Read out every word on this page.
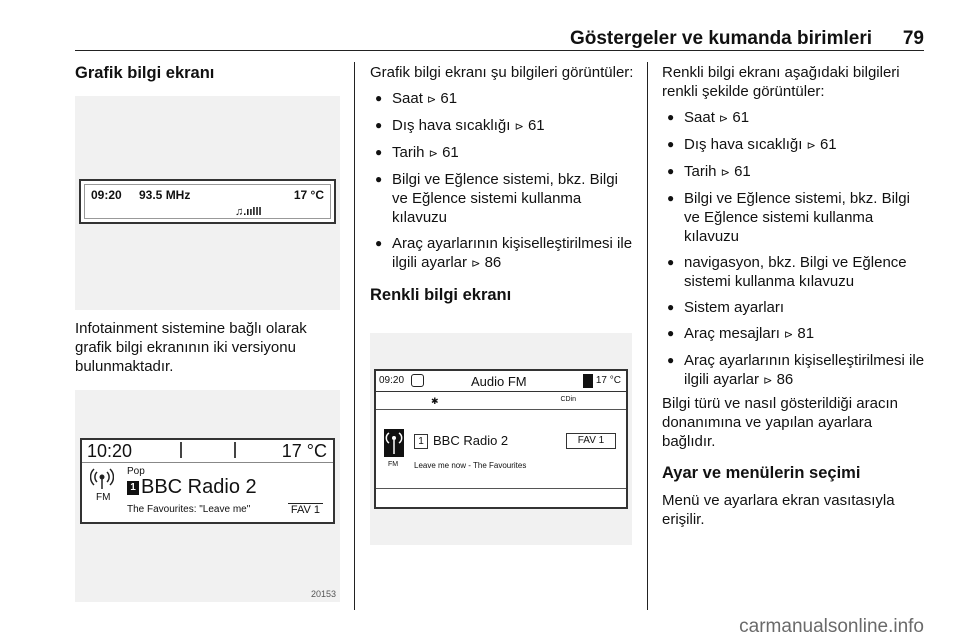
Göstergeler ve kumanda birimleri 79
Grafik bilgi ekranı

Infotainment sistemine bağlı olarak grafik bilgi ekranının iki versiyonu bulunmaktadır.

09:20 93.5 MHz	17 °C
♫.ıılll
10:20	17 °C
FM
Pop
1 BBC Radio 2
The Favourites: "Leave me"	FAV 1
20153

Grafik bilgi ekranı şu bilgileri görüntüler:

● Saat ⊳ 61
● Dış hava sıcaklığı ⊳ 61
● Tarih ⊳ 61
● Bilgi ve Eğlence sistemi, bkz. Bilgi ve Eğlence sistemi kullanma kılavuzu
● Araç ayarlarının kişiselleştirilmesi ile ilgili ayarlar ⊳ 86
Renkli bilgi ekranı
09:20	Audio FM	17 °C
✱	CDin
FM
1 BBC Radio 2	FAV 1
Leave me now - The Favourites

Renkli bilgi ekranı aşağıdaki bilgileri renkli şekilde görüntüler:

● Saat ⊳ 61
● Dış hava sıcaklığı ⊳ 61
● Tarih ⊳ 61
● Bilgi ve Eğlence sistemi, bkz. Bilgi ve Eğlence sistemi kullanma kılavuzu
● navigasyon, bkz. Bilgi ve Eğlence sistemi kullanma kılavuzu
● Sistem ayarları
● Araç mesajları ⊳ 81
● Araç ayarlarının kişiselleştirilmesi ile ilgili ayarlar ⊳ 86

Bilgi türü ve nasıl gösterildiği aracın donanımına ve yapılan ayarlara bağlıdır.

Ayar ve menülerin seçimi

Menü ve ayarlara ekran vasıtasıyla erişilir.

carmanualsonline.info
